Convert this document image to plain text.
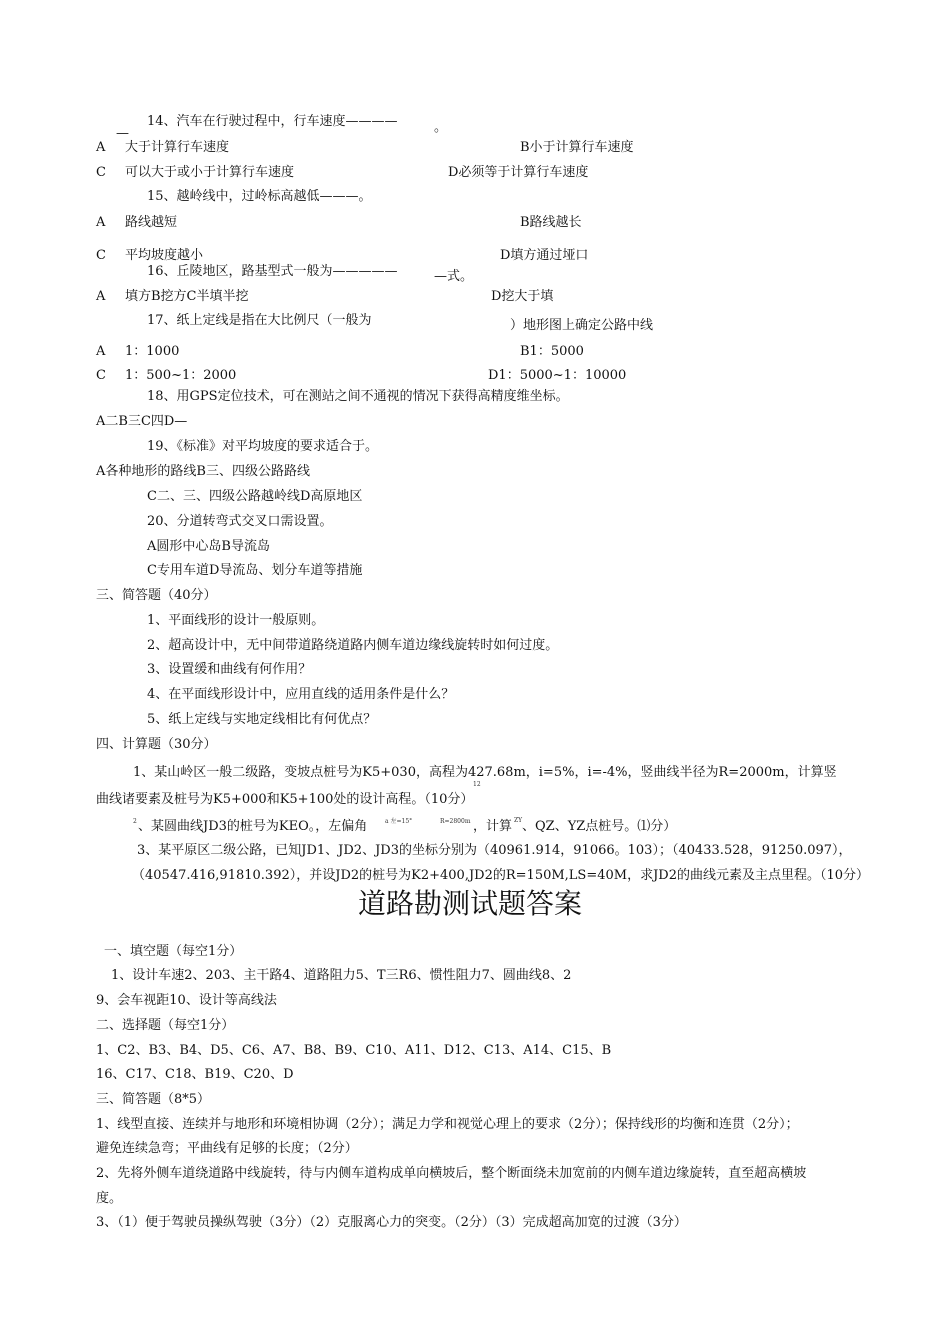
14、汽车在行驶过程中，行车速度————	。
—
A 大于计算行车速度	B小于计算行车速度
C 可以大于或小于计算行车速度	D必须等于计算行车速度
15、越岭线中，过岭标高越低———。
A 路线越短	B路线越长
C 平均坡度越小	D填方通过垭口
16、丘陵地区，路基型式一般为—————	—式。
A 填方B挖方C半填半挖	D挖大于填
17、纸上定线是指在大比例尺（一般为	）地形图上确定公路中线
A 1：1000	B1：5000
C 1：500~1：2000	D1：5000~1：10000
18、用GPS定位技术，可在测站之间不通视的情况下获得高精度维坐标。
A二B三C四D—
19、《标准》对平均坡度的要求适合于。
A各种地形的路线B三、四级公路路线
C二、三、四级公路越岭线D高原地区
20、分道转弯式交叉口需设置。
A圆形中心岛B导流岛
C专用车道D导流岛、划分车道等措施
三、简答题（40分）
1、平面线形的设计一般原则。
2、超高设计中，无中间带道路绕道路内侧车道边缘线旋转时如何过度。
3、设置缓和曲线有何作用？
4、在平面线形设计中，应用直线的适用条件是什么？
5、纸上定线与实地定线相比有何优点？
四、计算题（30分）
1、某山岭区一般二级路，变坡点桩号为K5+030，高程为427.68m，i=5%，i=-4%，竖曲线半径为R=2000m，计算竖
12
曲线诸要素及桩号为K5+000和K5+100处的设计高程。（10分）
2 、某圆曲线JD3的桩号为KEO。，左偏角	a 左=15°	R=2800m ，计算 ZY 、QZ、YZ点桩号。⑴分）
3、某平原区二级公路，已知JD1、JD2、JD3的坐标分别为（40961.914，91066。103）；（40433.528，91250.097），
（40547.416,91810.392），并设JD2的桩号为K2+400,JD2的R=150M,LS=40M，求JD2的曲线元素及主点里程。（10分）
道路勘测试题答案
一、填空题（每空1分）
1、设计车速2、203、主干路4、道路阻力5、T三R6、惯性阻力7、圆曲线8、2
9、会车视距10、设计等高线法
二、选择题（每空1分）
1、C2、B3、B4、D5、C6、A7、B8、B9、C10、A11、D12、C13、A14、C15、B
16、C17、C18、B19、C20、D
三、简答题（8*5）
1、线型直接、连续并与地形和环境相协调（2分）；满足力学和视觉心理上的要求（2分）；保持线形的均衡和连贯（2分）；
避免连续急弯；平曲线有足够的长度；（2分）
2、先将外侧车道绕道路中线旋转，待与内侧车道构成单向横坡后，整个断面绕未加宽前的内侧车道边缘旋转，直至超高横坡
度。
3、（1）便于驾驶员操纵驾驶（3分）（2）克服离心力的突变。（2分）（3）完成超高加宽的过渡（3分）
